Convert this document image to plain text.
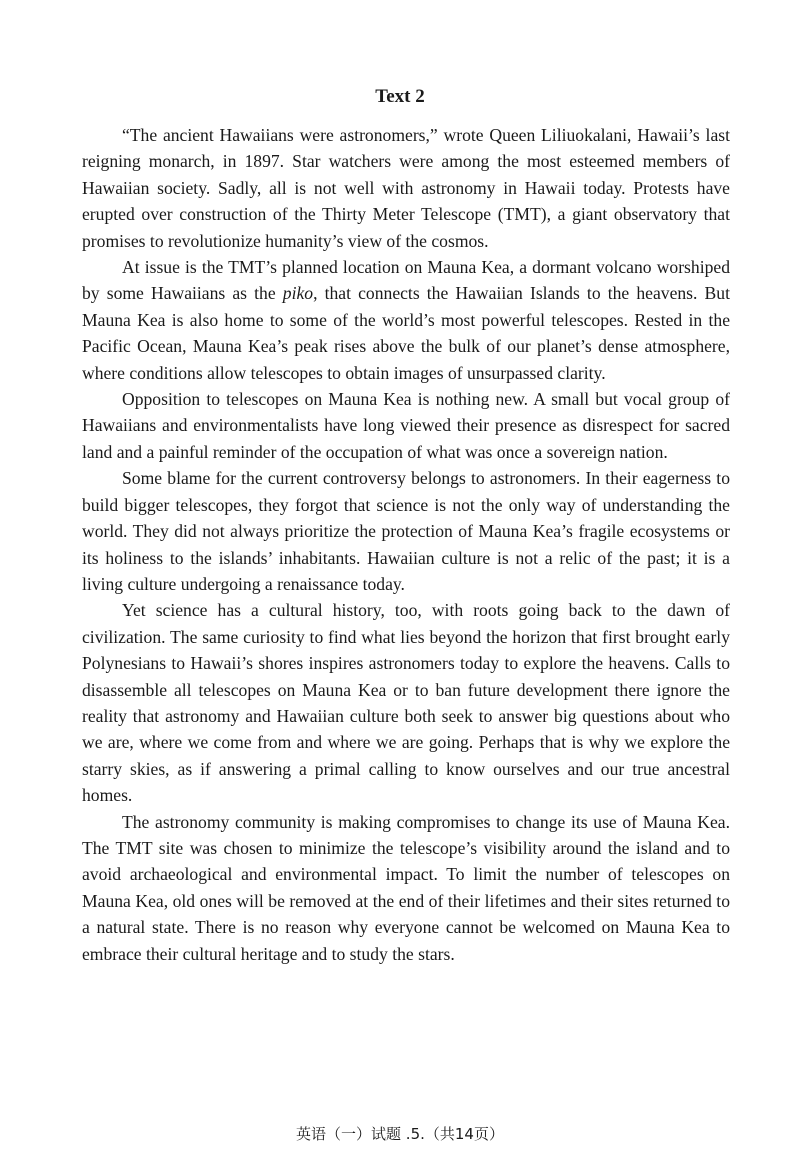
Text 2

“The ancient Hawaiians were astronomers,” wrote Queen Liliuokalani, Hawaii’s last reigning monarch, in 1897. Star watchers were among the most esteemed members of Hawaiian society. Sadly, all is not well with astronomy in Hawaii today. Protests have erupted over construction of the Thirty Meter Telescope (TMT), a giant observatory that promises to revolutionize humanity’s view of the cosmos.

At issue is the TMT’s planned location on Mauna Kea, a dormant volcano worshiped by some Hawaiians as the piko, that connects the Hawaiian Islands to the heavens. But Mauna Kea is also home to some of the world’s most powerful telescopes. Rested in the Pacific Ocean, Mauna Kea’s peak rises above the bulk of our planet’s dense atmosphere, where conditions allow telescopes to obtain images of unsurpassed clarity.

Opposition to telescopes on Mauna Kea is nothing new. A small but vocal group of Hawaiians and environmentalists have long viewed their presence as disrespect for sacred land and a painful reminder of the occupation of what was once a sovereign nation.

Some blame for the current controversy belongs to astronomers. In their eagerness to build bigger telescopes, they forgot that science is not the only way of understanding the world. They did not always prioritize the protection of Mauna Kea’s fragile ecosystems or its holiness to the islands’ inhabitants. Hawaiian culture is not a relic of the past; it is a living culture undergoing a renaissance today.

Yet science has a cultural history, too, with roots going back to the dawn of civilization. The same curiosity to find what lies beyond the horizon that first brought early Polynesians to Hawaii’s shores inspires astronomers today to explore the heavens. Calls to disassemble all telescopes on Mauna Kea or to ban future development there ignore the reality that astronomy and Hawaiian culture both seek to answer big questions about who we are, where we come from and where we are going. Perhaps that is why we explore the starry skies, as if answering a primal calling to know ourselves and our true ancestral homes.

The astronomy community is making compromises to change its use of Mauna Kea. The TMT site was chosen to minimize the telescope’s visibility around the island and to avoid archaeological and environmental impact. To limit the number of telescopes on Mauna Kea, old ones will be removed at the end of their lifetimes and their sites returned to a natural state. There is no reason why everyone cannot be welcomed on Mauna Kea to embrace their cultural heritage and to study the stars.

英语（一）试题 .5.（共14页）
